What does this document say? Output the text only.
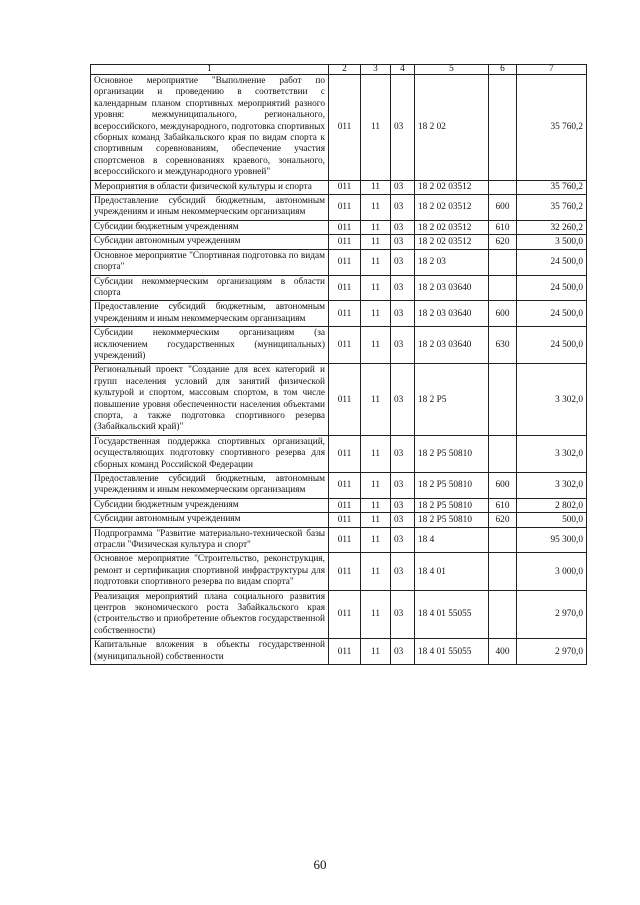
1	2	3	4	5	6	7
Основное мероприятие "Выполнение работ по организации и проведению в соответствии с календарным планом спортивных мероприятий разного уровня: межмуниципального, регионального, всероссийского, международного, подготовка спортивных сборных команд Забайкальского края по видам спорта к спортивным соревнованиям, обеспечение участия спортсменов в соревнованиях краевого, зонального, всероссийского и международного уровней"	011	11	03	18 2 02		35 760,2
Мероприятия в области физической культуры и спорта	011	11	03	18 2 02 03512		35 760,2
Предоставление субсидий бюджетным, автономным учреждениям и иным некоммерческим организациям	011	11	03	18 2 02 03512	600	35 760,2
Субсидии бюджетным учреждениям	011	11	03	18 2 02 03512	610	32 260,2
Субсидии автономным учреждениям	011	11	03	18 2 02 03512	620	3 500,0
Основное мероприятие "Спортивная подготовка по видам спорта"	011	11	03	18 2 03		24 500,0
Субсидии некоммерческим организациям в области спорта	011	11	03	18 2 03 03640		24 500,0
Предоставление субсидий бюджетным, автономным учреждениям и иным некоммерческим организациям	011	11	03	18 2 03 03640	600	24 500,0
Субсидии некоммерческим организациям (за исключением государственных (муниципальных) учреждений)	011	11	03	18 2 03 03640	630	24 500,0
Региональный проект "Создание для всех категорий и групп населения условий для занятий физической культурой и спортом, массовым спортом, в том числе повышение уровня обеспеченности населения объектами спорта, а также подготовка спортивного резерва (Забайкальский край)"	011	11	03	18 2 P5		3 302,0
Государственная поддержка спортивных организаций, осуществляющих подготовку спортивного резерва для сборных команд Российской Федерации	011	11	03	18 2 P5 50810		3 302,0
Предоставление субсидий бюджетным, автономным учреждениям и иным некоммерческим организациям	011	11	03	18 2 P5 50810	600	3 302,0
Субсидии бюджетным учреждениям	011	11	03	18 2 P5 50810	610	2 802,0
Субсидии автономным учреждениям	011	11	03	18 2 P5 50810	620	500,0
Подпрограмма "Развитие материально-технической базы отрасли "Физическая культура и спорт"	011	11	03	18 4		95 300,0
Основное мероприятие "Строительство, реконструкция, ремонт и сертификация спортивной инфраструктуры для подготовки спортивного резерва по видам спорта"	011	11	03	18 4 01		3 000,0
Реализация мероприятий плана социального развития центров экономического роста Забайкальского края (строительство и приобретение объектов государственной собственности)	011	11	03	18 4 01 55055		2 970,0
Капитальные вложения в объекты государственной (муниципальной) собственности	011	11	03	18 4 01 55055	400	2 970,0
60
